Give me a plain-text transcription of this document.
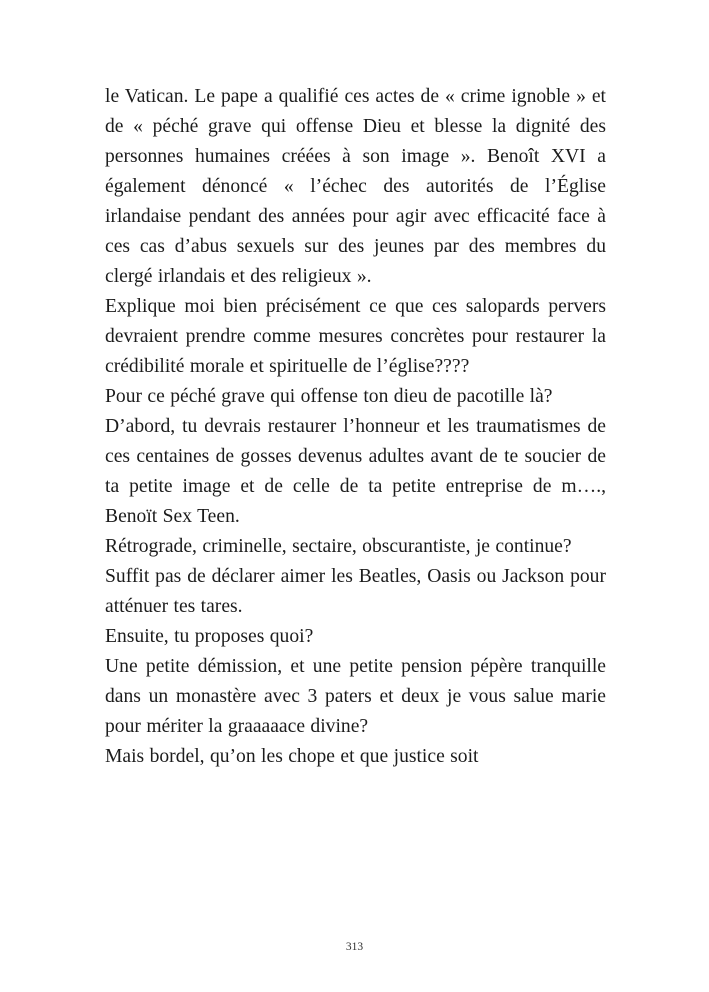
le Vatican. Le pape a qualifié ces actes de « crime ignoble » et de « péché grave qui offense Dieu et blesse la dignité des personnes humaines créées à son image ». Benoît XVI a également dénoncé « l’échec des autorités de l’Église irlandaise pendant des années pour agir avec efficacité face à ces cas d’abus sexuels sur des jeunes par des membres du clergé irlandais et des religieux ».

Explique moi bien précisément ce que ces salopards pervers devraient prendre comme mesures concrètes pour restaurer la crédibilité morale et spirituelle de l’église????

Pour ce péché grave qui offense ton dieu de pacotille là?

D’abord, tu devrais restaurer l’honneur et les traumatismes de ces centaines de gosses devenus adultes avant de te soucier de ta petite image et de celle de ta petite entreprise de m…., Benoït Sex Teen.

Rétrograde, criminelle, sectaire, obscurantiste, je continue?

Suffit pas de déclarer aimer les Beatles, Oasis ou Jackson pour atténuer tes tares.

Ensuite, tu proposes quoi?

Une petite démission, et une petite pension pépère tranquille dans un monastère avec 3 paters et deux je vous salue marie pour mériter la graaaaace divine?

Mais bordel, qu’on les chope et que justice soit

313
